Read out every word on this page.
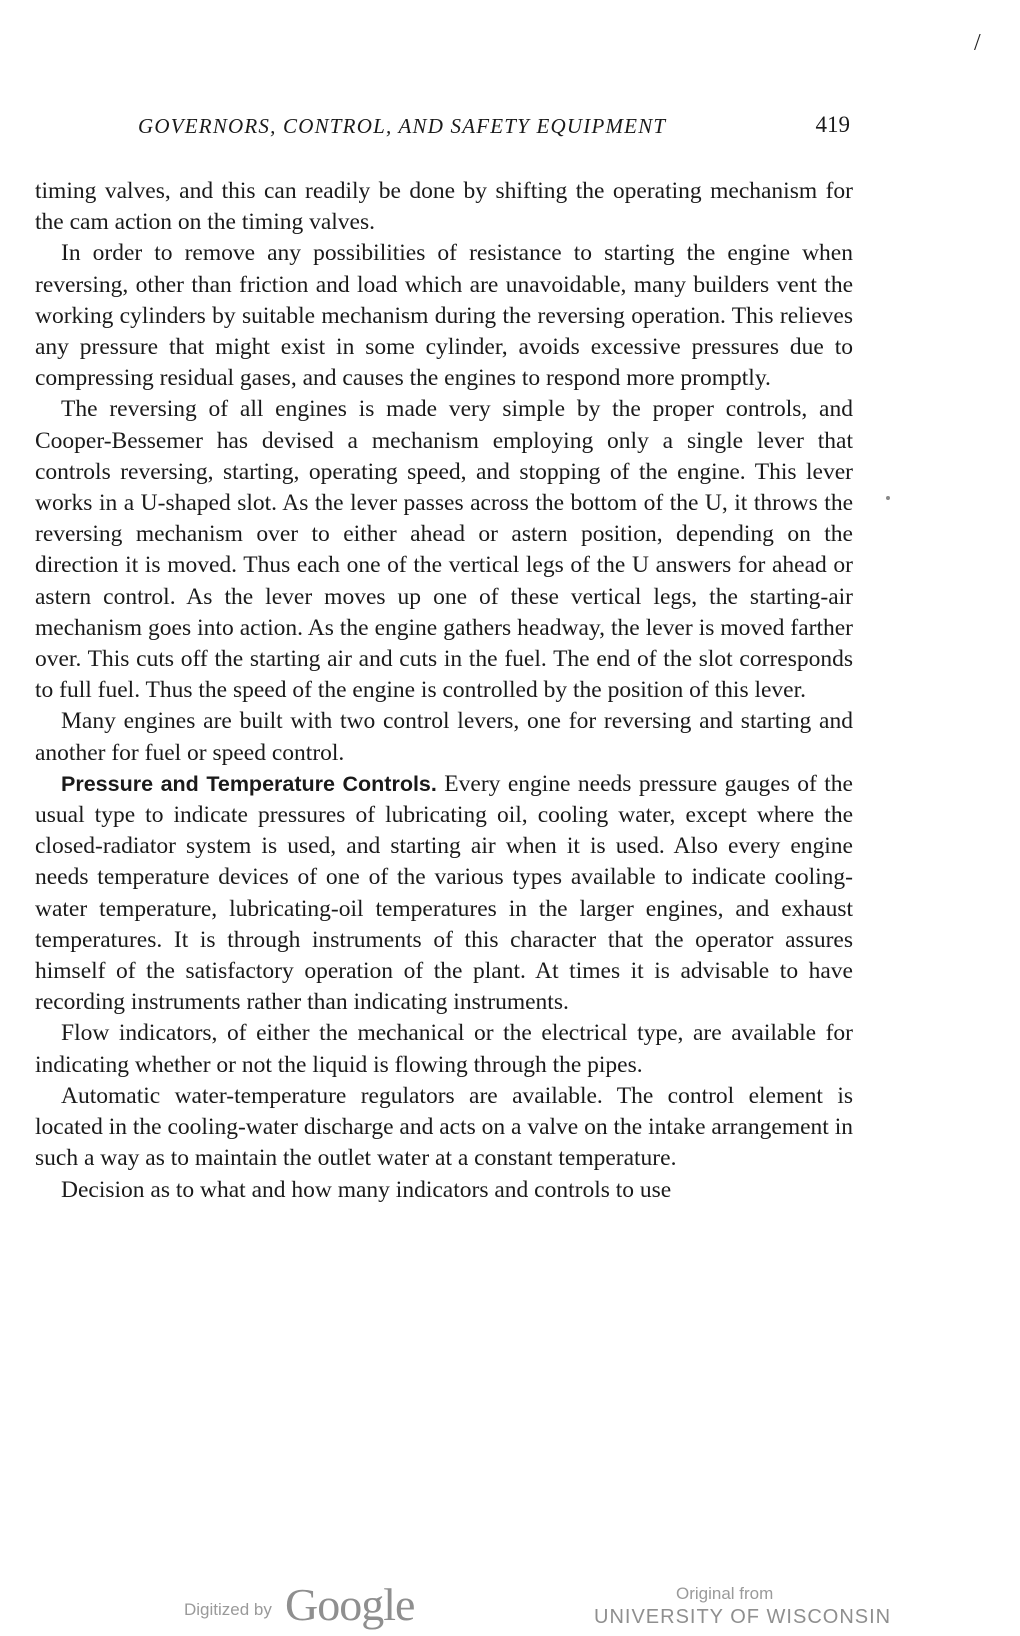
GOVERNORS, CONTROL, AND SAFETY EQUIPMENT	419
/

timing valves, and this can readily be done by shifting the operating mechanism for the cam action on the timing valves.

In order to remove any possibilities of resistance to starting the engine when reversing, other than friction and load which are unavoidable, many builders vent the working cylinders by suitable mechanism during the reversing operation. This relieves any pressure that might exist in some cylinder, avoids excessive pressures due to compressing residual gases, and causes the engines to respond more promptly.

The reversing of all engines is made very simple by the proper controls, and Cooper-Bessemer has devised a mechanism employing only a single lever that controls reversing, starting, operating speed, and stopping of the engine. This lever works in a U-shaped slot. As the lever passes across the bottom of the U, it throws the reversing mechanism over to either ahead or astern position, depending on the direction it is moved. Thus each one of the vertical legs of the U answers for ahead or astern control. As the lever moves up one of these vertical legs, the starting-air mechanism goes into action. As the engine gathers headway, the lever is moved farther over. This cuts off the starting air and cuts in the fuel. The end of the slot corresponds to full fuel. Thus the speed of the engine is controlled by the position of this lever.

Many engines are built with two control levers, one for reversing and starting and another for fuel or speed control.

Pressure and Temperature Controls. Every engine needs pressure gauges of the usual type to indicate pressures of lubricating oil, cooling water, except where the closed-radiator system is used, and starting air when it is used. Also every engine needs temperature devices of one of the various types available to indicate cooling-water temperature, lubricating-oil temperatures in the larger engines, and exhaust temperatures. It is through instruments of this character that the operator assures himself of the satisfactory operation of the plant. At times it is advisable to have recording instruments rather than indicating instruments.

Flow indicators, of either the mechanical or the electrical type, are available for indicating whether or not the liquid is flowing through the pipes.

Automatic water-temperature regulators are available. The control element is located in the cooling-water discharge and acts on a valve on the intake arrangement in such a way as to maintain the outlet water at a constant temperature.

Decision as to what and how many indicators and controls to use

Digitized by Google	Original from
UNIVERSITY OF WISCONSIN
